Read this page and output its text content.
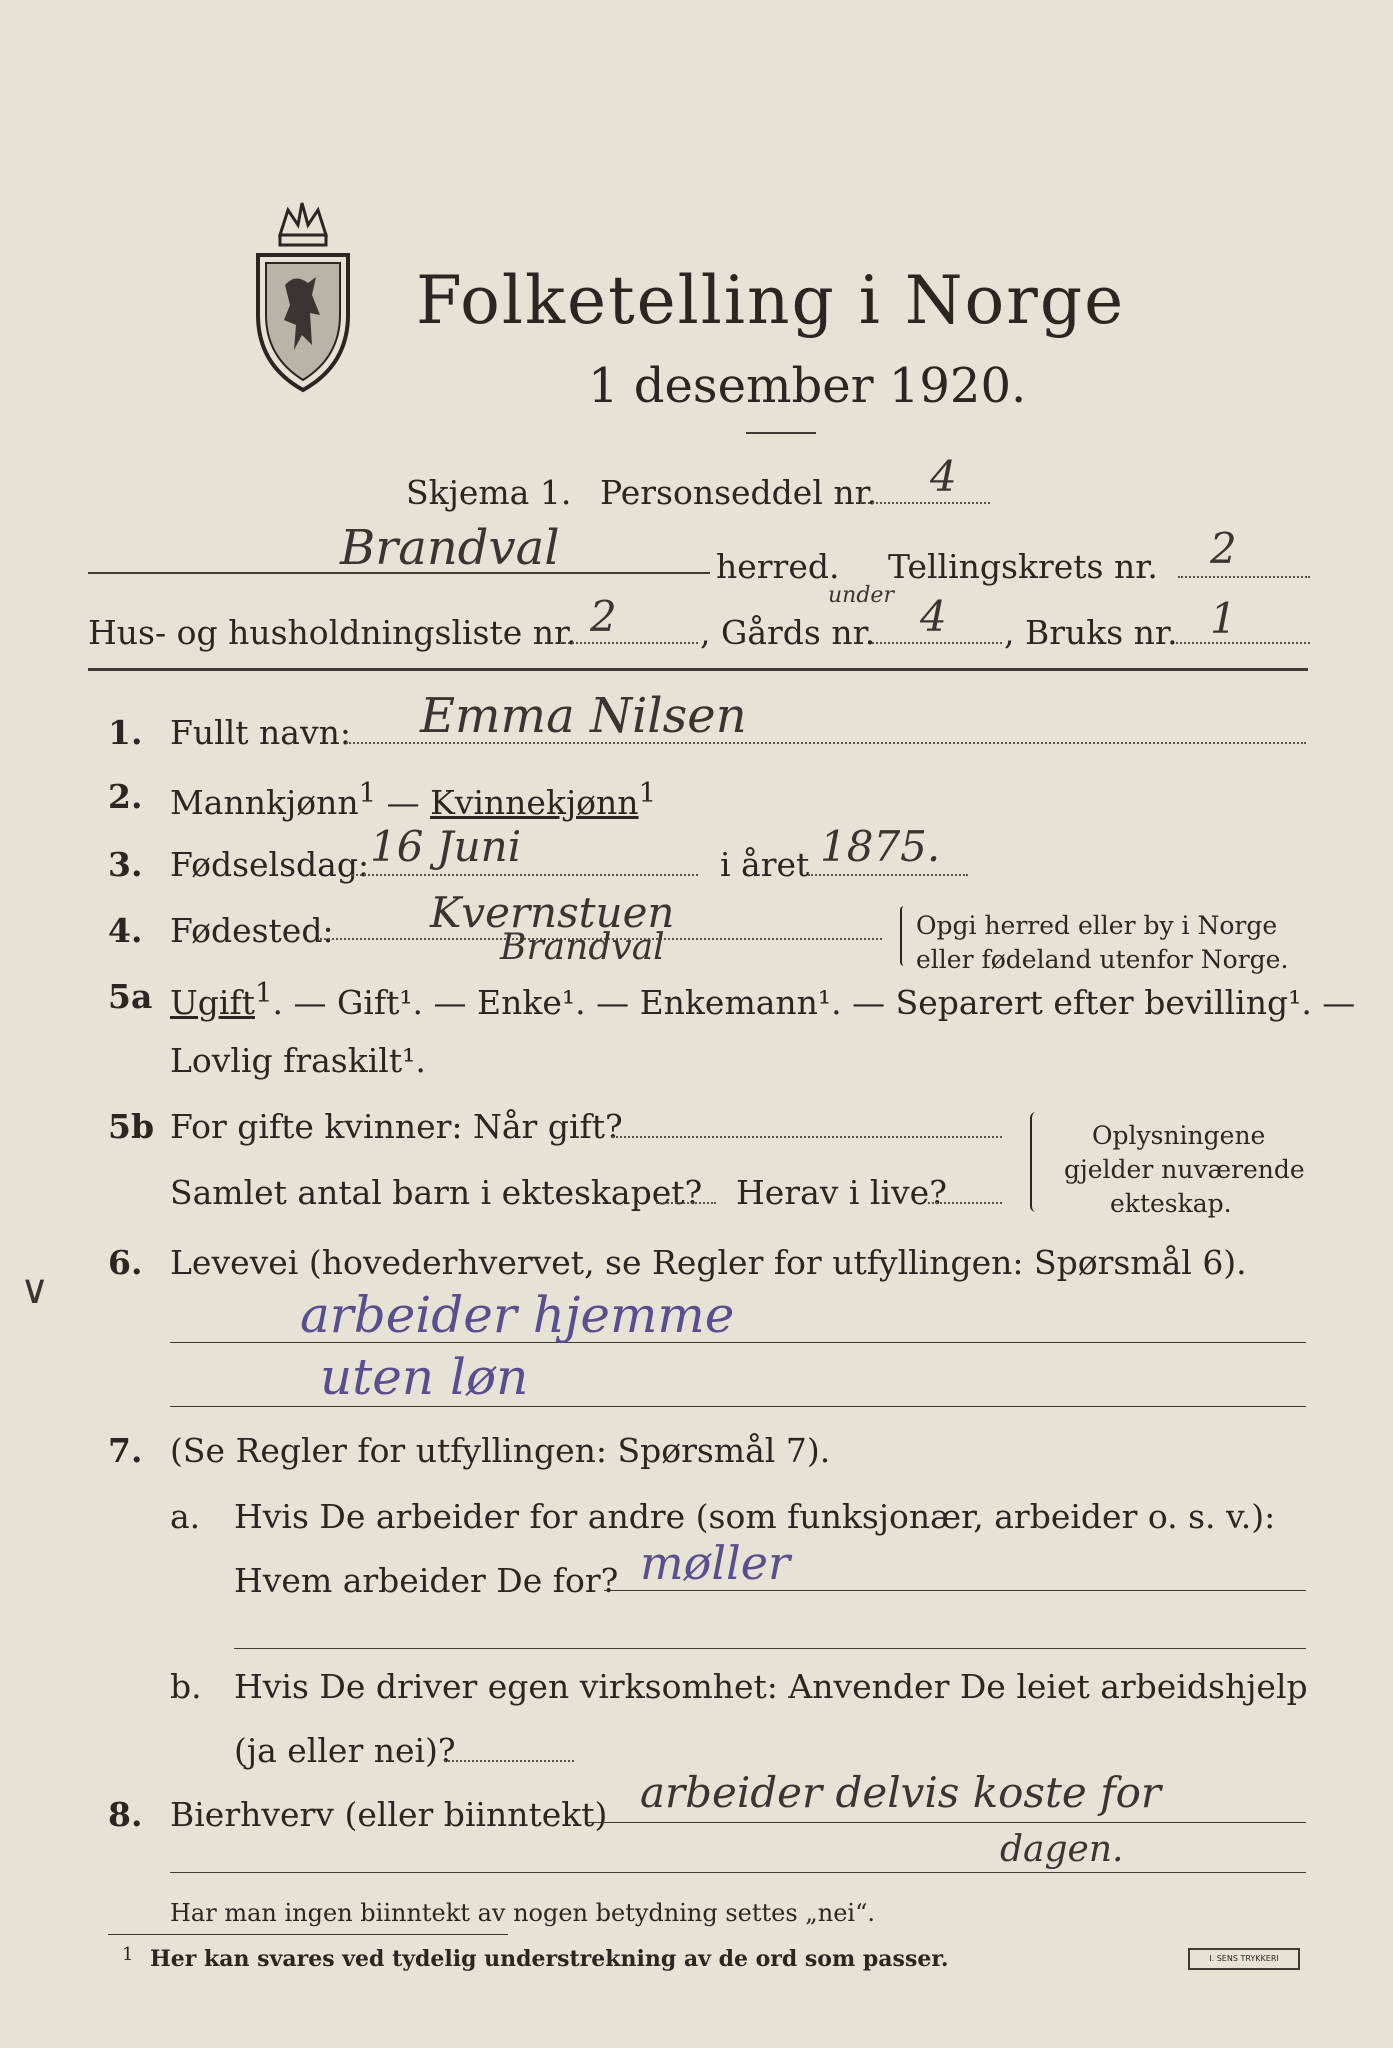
Folketelling i Norge
1 desember 1920.
Skjema 1. Personseddel nr. 4
Brandval	herred. Tellingskrets nr. 2
Hus- og husholdningsliste nr. 2	, Gårds nr.
under 4 , Bruks nr. 1
1. Fullt navn: Emma Nilsen
2. Mannkjønn$^1$ — Kvinnekjønn$^1$
3. Fødselsdag: 16 Juni	i året 1875.
4. Fødested: Kvernstuen
Brandval
Opgi herred eller by i Norge
eller fødeland utenfor Norge.
5a Ugift$^1$. — Gift¹. — Enke¹. — Enkemann¹. — Separert efter bevilling¹. —
Lovlig fraskilt¹.
5b For gifte kvinner: Når gift?
Samlet antal barn i ekteskapet? Herav i live?
Oplysningene
gjelder nuværende
ekteskap.
∨
6. Levevei (hovederhvervet, se Regler for utfyllingen: Spørsmål 6).
arbeider hjemme
uten løn
7. (Se Regler for utfyllingen: Spørsmål 7).
a. Hvis De arbeider for andre (som funksjonær, arbeider o. s. v.):
Hvem arbeider De for? møller
b. Hvis De driver egen virksomhet: Anvender De leiet arbeidshjelp
(ja eller nei)?
8. Bierhverv (eller biinntekt) arbeider delvis koste for
dagen.
Har man ingen biinntekt av nogen betydning settes „nei“.
1 Her kan svares ved tydelig understrekning av de ord som passer.	I. SENS TRYKKERI
